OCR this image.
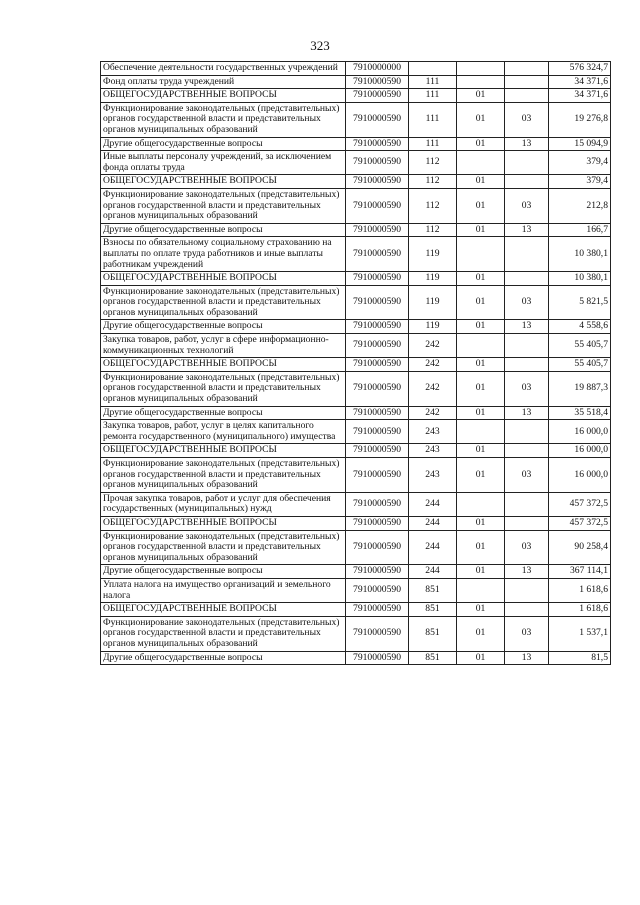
323
Обеспечение деятельности государственных учреждений	7910000000				576 324,7
Фонд оплаты труда учреждений	7910000590	111			34 371,6
ОБЩЕГОСУДАРСТВЕННЫЕ ВОПРОСЫ	7910000590	111	01		34 371,6
Функционирование законодательных (представительных) органов государственной власти и представительных органов муниципальных образований	7910000590	111	01	03	19 276,8
Другие общегосударственные вопросы	7910000590	111	01	13	15 094,9
Иные выплаты персоналу учреждений, за исключением фонда оплаты труда	7910000590	112			379,4
ОБЩЕГОСУДАРСТВЕННЫЕ ВОПРОСЫ	7910000590	112	01		379,4
Функционирование законодательных (представительных) органов государственной власти и представительных органов муниципальных образований	7910000590	112	01	03	212,8
Другие общегосударственные вопросы	7910000590	112	01	13	166,7
Взносы по обязательному социальному страхованию на выплаты по оплате труда работников и иные выплаты работникам учреждений	7910000590	119			10 380,1
ОБЩЕГОСУДАРСТВЕННЫЕ ВОПРОСЫ	7910000590	119	01		10 380,1
Функционирование законодательных (представительных) органов государственной власти и представительных органов муниципальных образований	7910000590	119	01	03	5 821,5
Другие общегосударственные вопросы	7910000590	119	01	13	4 558,6
Закупка товаров, работ, услуг в сфере информационно-коммуникационных технологий	7910000590	242			55 405,7
ОБЩЕГОСУДАРСТВЕННЫЕ ВОПРОСЫ	7910000590	242	01		55 405,7
Функционирование законодательных (представительных) органов государственной власти и представительных органов муниципальных образований	7910000590	242	01	03	19 887,3
Другие общегосударственные вопросы	7910000590	242	01	13	35 518,4
Закупка товаров, работ, услуг в целях капитального ремонта государственного (муниципального) имущества	7910000590	243			16 000,0
ОБЩЕГОСУДАРСТВЕННЫЕ ВОПРОСЫ	7910000590	243	01		16 000,0
Функционирование законодательных (представительных) органов государственной власти и представительных органов муниципальных образований	7910000590	243	01	03	16 000,0
Прочая закупка товаров, работ и услуг для обеспечения государственных (муниципальных) нужд	7910000590	244			457 372,5
ОБЩЕГОСУДАРСТВЕННЫЕ ВОПРОСЫ	7910000590	244	01		457 372,5
Функционирование законодательных (представительных) органов государственной власти и представительных органов муниципальных образований	7910000590	244	01	03	90 258,4
Другие общегосударственные вопросы	7910000590	244	01	13	367 114,1
Уплата налога на имущество организаций и земельного налога	7910000590	851			1 618,6
ОБЩЕГОСУДАРСТВЕННЫЕ ВОПРОСЫ	7910000590	851	01		1 618,6
Функционирование законодательных (представительных) органов государственной власти и представительных органов муниципальных образований	7910000590	851	01	03	1 537,1
Другие общегосударственные вопросы	7910000590	851	01	13	81,5
